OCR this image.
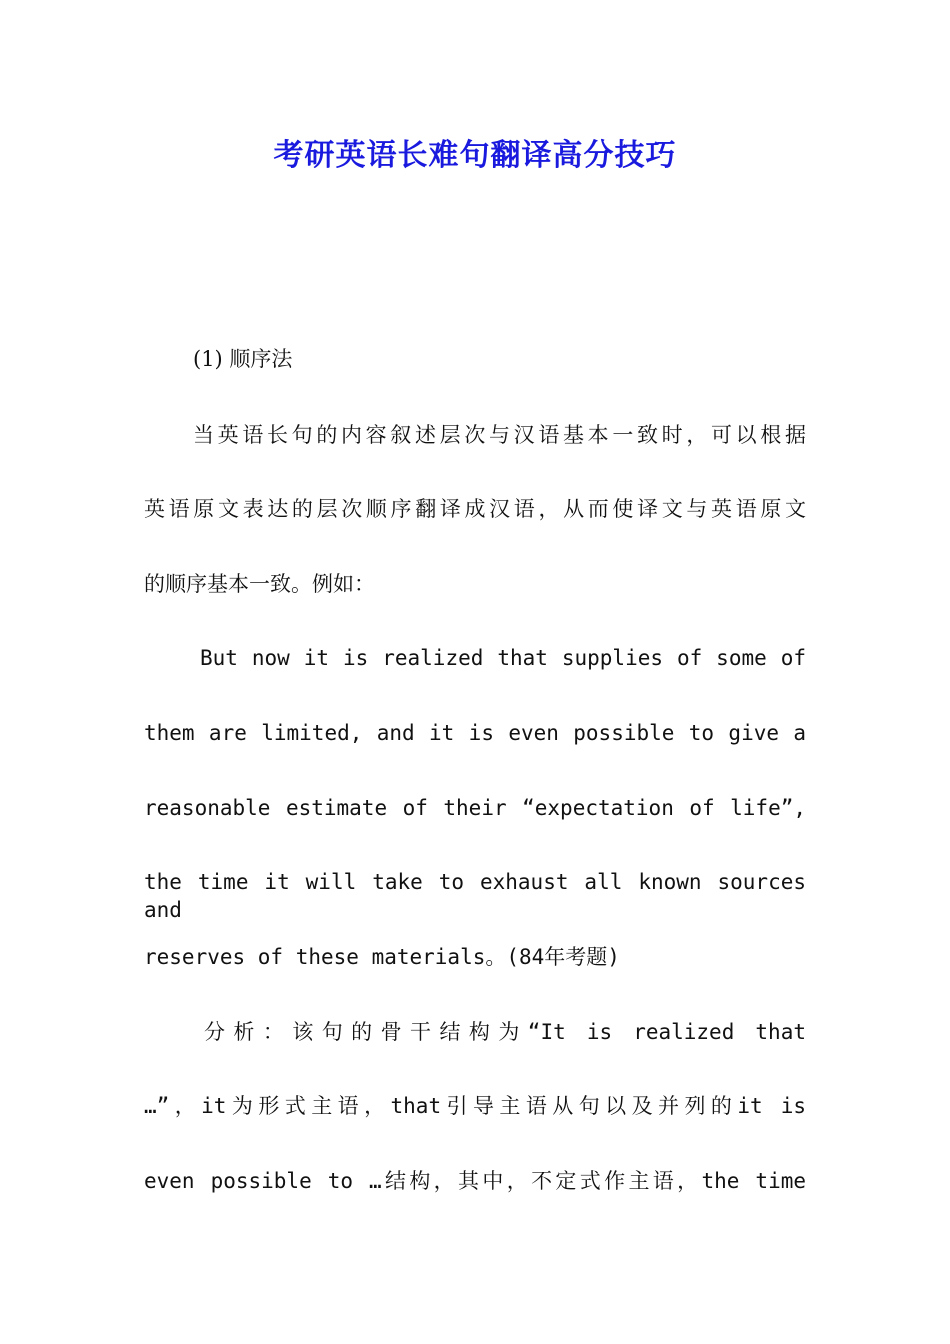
考研英语长难句翻译高分技巧
(1) 顺序法
当英语长句的内容叙述层次与汉语基本一致时，可以根据
英语原文表达的层次顺序翻译成汉语，从而使译文与英语原文
的顺序基本一致。例如：
But now it is realized that supplies of some of
them are limited, and it is even possible to give a
reasonable estimate of their “expectation of life”,
the time it will take to exhaust all known sources and
reserves of these materials。(84年考题)
分析：该句的骨干结构为“It is realized that
…”，it为形式主语，that引导主语从句以及并列的it is
even possible to …结构，其中，不定式作主语，the time
